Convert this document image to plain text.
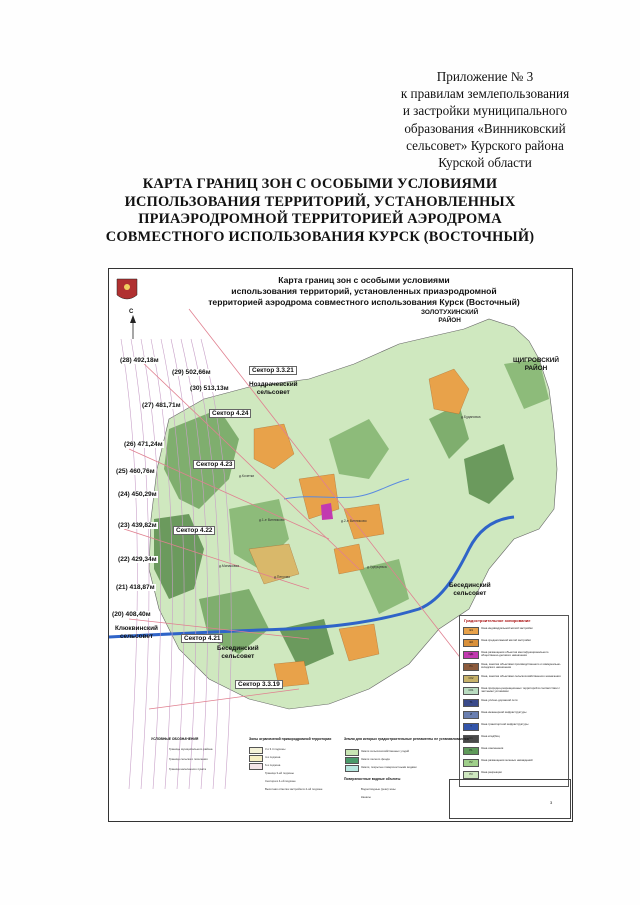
Приложение № 3
к правилам землепользования
и застройки муниципального
образования «Винниковский
сельсовет» Курского района
Курской области
КАРТА ГРАНИЦ ЗОН С ОСОБЫМИ УСЛОВИЯМИ
ИСПОЛЬЗОВАНИЯ ТЕРРИТОРИЙ, УСТАНОВЛЕННЫХ
ПРИАЭРОДРОМНОЙ ТЕРРИТОРИЕЙ АЭРОДРОМА
СОВМЕСТНОГО ИСПОЛЬЗОВАНИЯ КУРСК (ВОСТОЧНЫЙ)
Карта границ зон с особыми условиями
использования территорий, установленных приаэродромной
территорией аэродрома совместного использования Курск (Восточный)
С
(28) 492,18м
(29) 502,66м
(30) 513,13м
(27) 481,71м
(26) 471,24м
(25) 460,76м
(24) 450,29м
(23) 439,82м
(22) 429,34м
(21) 418,87м
(20) 408,40м
Сектор 3.3.21
Сектор 4.24
Сектор 4.23
Сектор 4.22
Сектор 4.21
Сектор 3.3.19
ЗОЛОТУХИНСКИЙ
РАЙОН
ЩИГРОВСКИЙ
РАЙОН
Ноздрачевский
сельсовет
Бесединский
сельсовет
Бесединский
сельсовет
Клюквинский
сельсовет
д.Будановка
д.1-е Винниково	д.2-е Винниково
д.Кочетки
д.Петрово
д.Минаковка	д.Удерцевка
Градостроительное зонирование
Ж1
Зона индивидуальной жилой застройки
Ж2
Зона среднеэтажной жилой застройки
ОД1
Зона размещения объектов многофункционального общественно-делового назначения
П1
Зона, занятая объектами производственного и коммунально-складского назначения
СХ2
Зона, занятая объектами сельскохозяйственного назначения
СХ1
Зона природно-рекреационных территорий в соответствии с частными условиями
Т1
Зона улично-дорожной сети
И
Зона инженерной инфраструктуры
Т
Зона транспортной инфраструктуры
С1
Зона кладбищ
Р1
Зона озеленения
Р2
Зона размещения зеленых насаждений
Р3
Зона рекреации
УСЛОВНЫЕ ОБОЗНАЧЕНИЯ
Границы муниципального района
Граница сельского поселения
Граница населенного пункта
Зоны ограничений приаэродромной территории
3 и 3.4 подзоны
4-я подзона
6-я подзона
Граница 3-ей подзоны
Сектора в 4-ой подзоне
Высотная отметка застройки в 4-ой подзоне
Земли для которых градостроительные регламенты не устанавливаются
Земли сельскохозяйственных угодий
Земли лесного фонда
Земли, покрытые поверхностными водами
Поверхностные водные объекты
Водоотводные (реки) зоны
Каналы
3
